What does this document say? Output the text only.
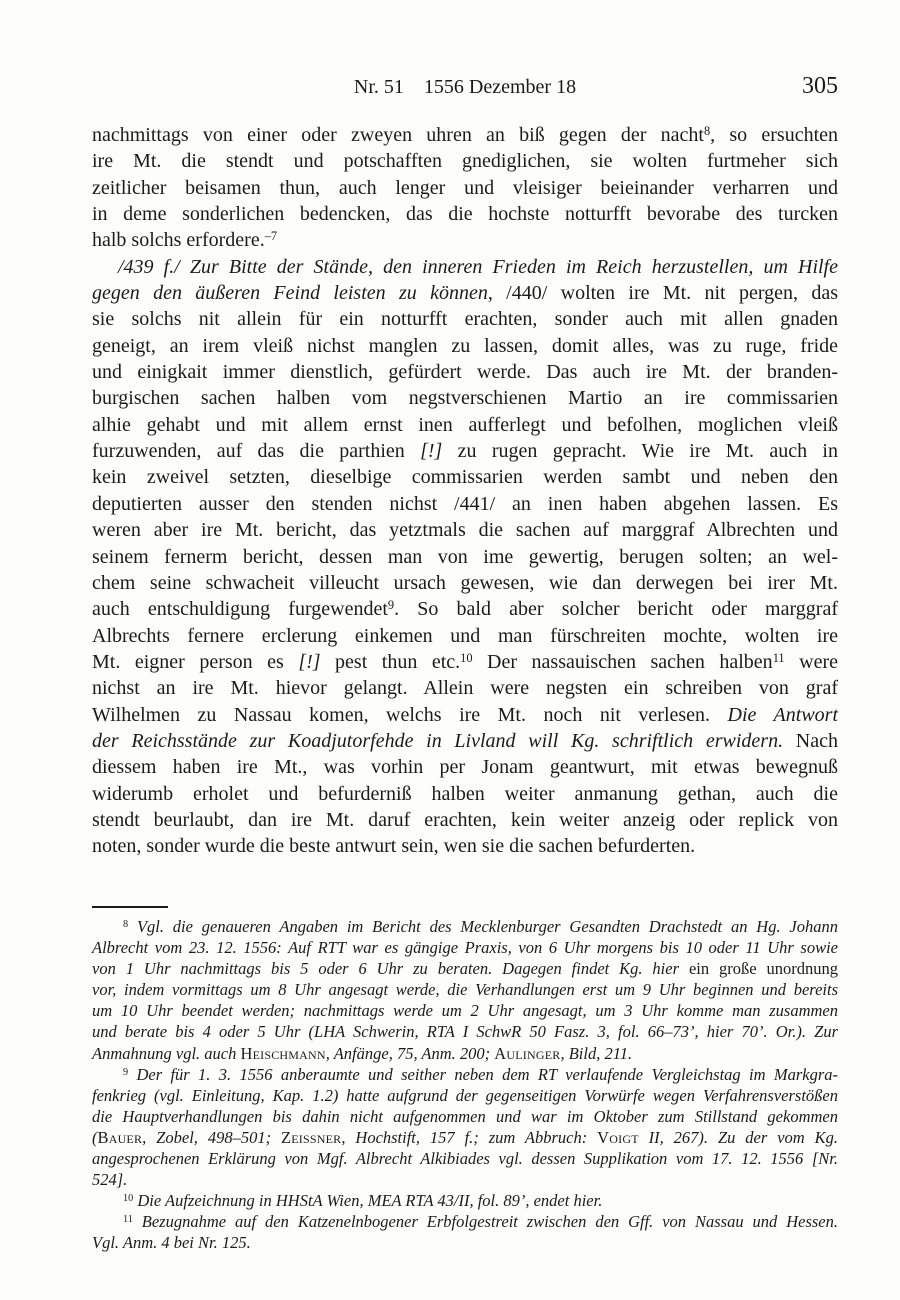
Nr. 51 1556 Dezember 18	305
nachmittags von einer oder zweyen uhren an biß gegen der nacht$^8$, so ersuchten
ire Mt. die stendt und potschafften gnediglichen, sie wolten furtmeher sich
zeitlicher beisamen thun, auch lenger und vleisiger beieinander verharren und
in deme sonderlichen bedencken, das die hochste notturfft bevorabe des turcken
halb solchs erfordere.$^{-7}$
/439 f./ Zur Bitte der Stände, den inneren Frieden im Reich herzustellen, um Hilfe
gegen den äußeren Feind leisten zu können, /440/ wolten ire Mt. nit pergen, das
sie solchs nit allein für ein notturfft erachten, sonder auch mit allen gnaden
geneigt, an irem vleiß nichst manglen zu lassen, domit alles, was zu ruge, fride
und einigkait immer dienstlich, gefürdert werde. Das auch ire Mt. der branden-
burgischen sachen halben vom negstverschienen Martio an ire commissarien
alhie gehabt und mit allem ernst inen aufferlegt und befolhen, moglichen vleiß
furzuwenden, auf das die parthien [!] zu rugen gepracht. Wie ire Mt. auch in
kein zweivel setzten, dieselbige commissarien werden sambt und neben den
deputierten ausser den stenden nichst /441/ an inen haben abgehen lassen. Es
weren aber ire Mt. bericht, das yetztmals die sachen auf marggraf Albrechten und
seinem fernerm bericht, dessen man von ime gewertig, berugen solten; an wel-
chem seine schwacheit villeucht ursach gewesen, wie dan derwegen bei irer Mt.
auch entschuldigung furgewendet$^9$. So bald aber solcher bericht oder marggraf
Albrechts fernere erclerung einkemen und man fürschreiten mochte, wolten ire
Mt. eigner person es [!] pest thun etc.$^{10}$ Der nassauischen sachen halben$^{11}$ were
nichst an ire Mt. hievor gelangt. Allein were negsten ein schreiben von graf
Wilhelmen zu Nassau komen, welchs ire Mt. noch nit verlesen. Die Antwort
der Reichsstände zur Koadjutorfehde in Livland will Kg. schriftlich erwidern. Nach
diessem haben ire Mt., was vorhin per Jonam geantwurt, mit etwas bewegnuß
widerumb erholet und befurderniß halben weiter anmanung gethan, auch die
stendt beurlaubt, dan ire Mt. daruf erachten, kein weiter anzeig oder replick von
noten, sonder wurde die beste antwurt sein, wen sie die sachen befurderten.
$^8$ Vgl. die genaueren Angaben im Bericht des Mecklenburger Gesandten Drachstedt an Hg. Johann
Albrecht vom 23. 12. 1556: Auf RTT war es gängige Praxis, von 6 Uhr morgens bis 10 oder 11 Uhr sowie
von 1 Uhr nachmittags bis 5 oder 6 Uhr zu beraten. Dagegen findet Kg. hier ein große unordnung
vor, indem vormittags um 8 Uhr angesagt werde, die Verhandlungen erst um 9 Uhr beginnen und bereits
um 10 Uhr beendet werden; nachmittags werde um 2 Uhr angesagt, um 3 Uhr komme man zusammen
und berate bis 4 oder 5 Uhr (LHA Schwerin, RTA I SchwR 50 Fasz. 3, fol. 66–73’, hier 70’. Or.). Zur
Anmahnung vgl. auch Heischmann, Anfänge, 75, Anm. 200; Aulinger, Bild, 211.
$^9$ Der für 1. 3. 1556 anberaumte und seither neben dem RT verlaufende Vergleichstag im Markgra-
fenkrieg (vgl. Einleitung, Kap. 1.2) hatte aufgrund der gegenseitigen Vorwürfe wegen Verfahrensverstößen
die Hauptverhandlungen bis dahin nicht aufgenommen und war im Oktober zum Stillstand gekommen
(Bauer, Zobel, 498–501; Zeissner, Hochstift, 157 f.; zum Abbruch: Voigt II, 267). Zu der vom Kg.
angesprochenen Erklärung von Mgf. Albrecht Alkibiades vgl. dessen Supplikation vom 17. 12. 1556 [Nr.
524].
$^{10}$ Die Aufzeichnung in HHStA Wien, MEA RTA 43/II, fol. 89’, endet hier.
$^{11}$ Bezugnahme auf den Katzenelnbogener Erbfolgestreit zwischen den Gff. von Nassau und Hessen.
Vgl. Anm. 4 bei Nr. 125.
